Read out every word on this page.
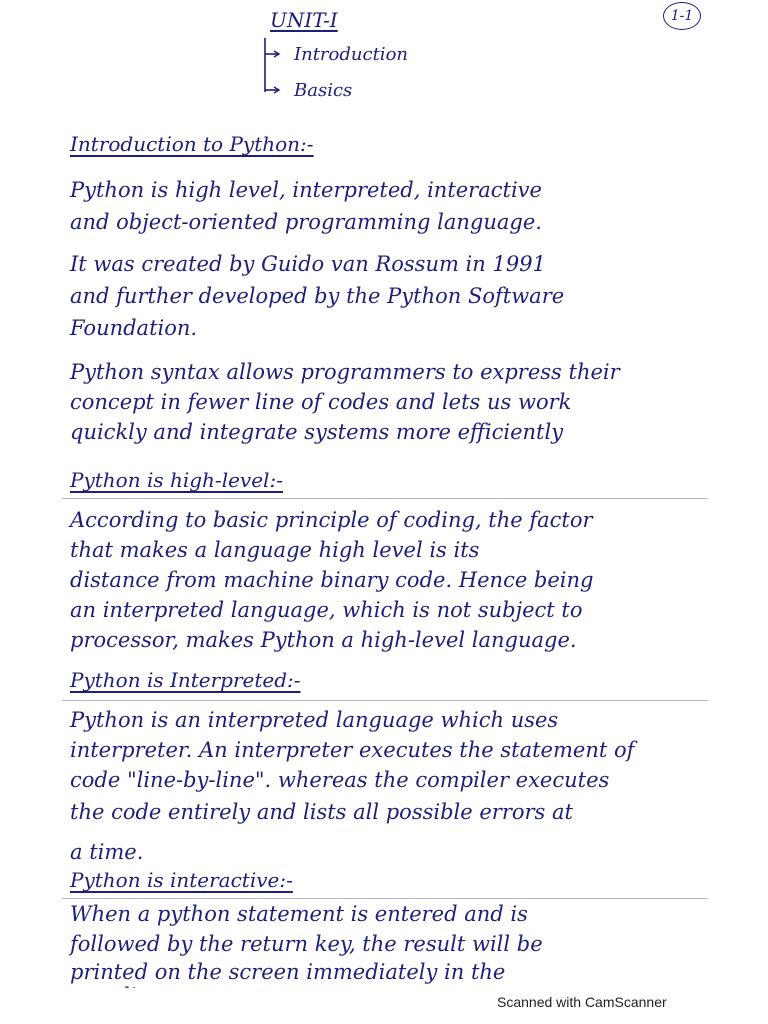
UNIT-I	1-1
Introduction
Basics
Introduction to Python:-
Python is high level, interpreted, interactive
and object-oriented programming language.
It was created by Guido van Rossum in 1991
and further developed by the Python Software
Foundation.
Python syntax allows programmers to express their
concept in fewer line of codes and lets us work
quickly and integrate systems more efficiently
Python is high-level:-
According to basic principle of coding, the factor
that makes a language high level is its
distance from machine binary code. Hence being
an interpreted language, which is not subject to
processor, makes Python a high-level language.
Python is Interpreted:-
Python is an interpreted language which uses
interpreter. An interpreter executes the statement of
code "line-by-line". whereas the compiler executes
the code entirely and lists all possible errors at
a time.
Python is interactive:-
When a python statement is entered and is
followed by the return key, the result will be
printed on the screen immediately in the
Scanned with CamScanner
